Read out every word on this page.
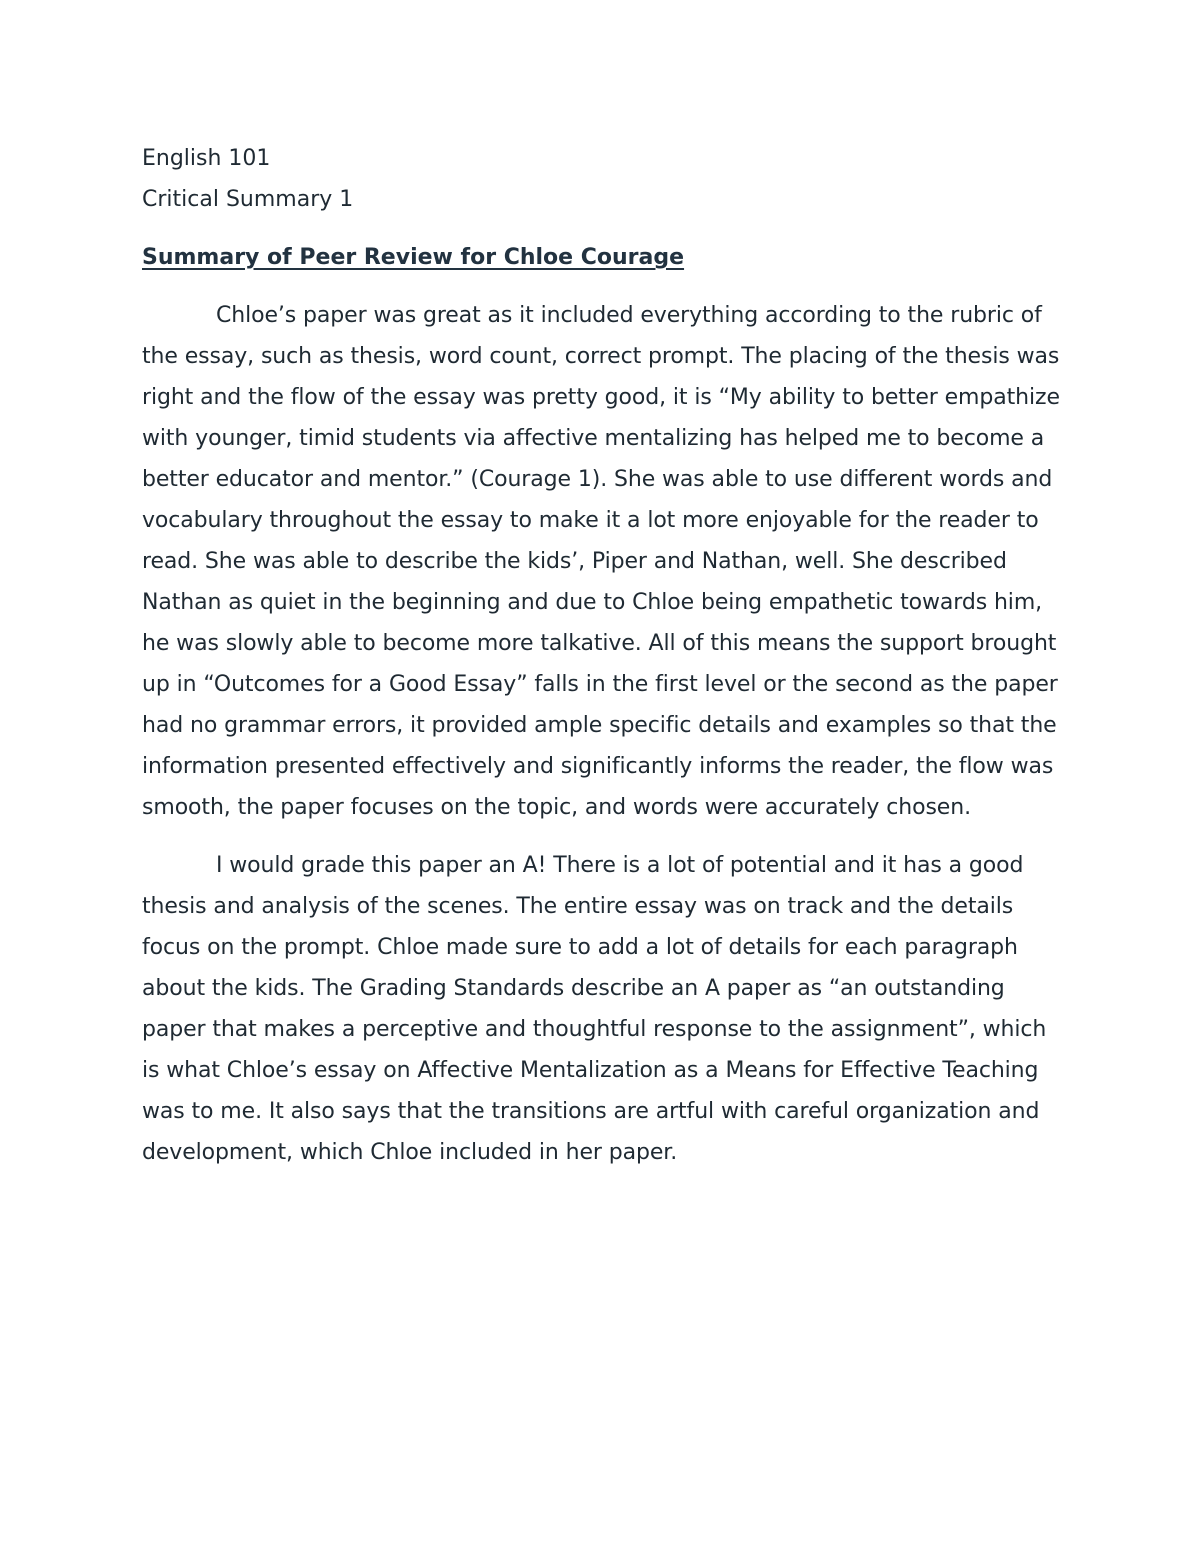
English 101

Critical Summary 1

Summary of Peer Review for Chloe Courage

Chloe’s paper was great as it included everything according to the rubric of the essay, such as thesis, word count, correct prompt. The placing of the thesis was right and the flow of the essay was pretty good, it is “My ability to better empathize with younger, timid students via affective mentalizing has helped me to become a better educator and mentor.” (Courage 1). She was able to use different words and vocabulary throughout the essay to make it a lot more enjoyable for the reader to read. She was able to describe the kids’, Piper and Nathan, well. She described Nathan as quiet in the beginning and due to Chloe being empathetic towards him, he was slowly able to become more talkative. All of this means the support brought up in “Outcomes for a Good Essay” falls in the first level or the second as the paper had no grammar errors, it provided ample specific details and examples so that the information presented effectively and significantly informs the reader, the flow was smooth, the paper focuses on the topic, and words were accurately chosen.

I would grade this paper an A! There is a lot of potential and it has a good thesis and analysis of the scenes. The entire essay was on track and the details focus on the prompt. Chloe made sure to add a lot of details for each paragraph about the kids. The Grading Standards describe an A paper as “an outstanding paper that makes a perceptive and thoughtful response to the assignment”, which is what Chloe’s essay on Affective Mentalization as a Means for Effective Teaching was to me. It also says that the transitions are artful with careful organization and development, which Chloe included in her paper.
